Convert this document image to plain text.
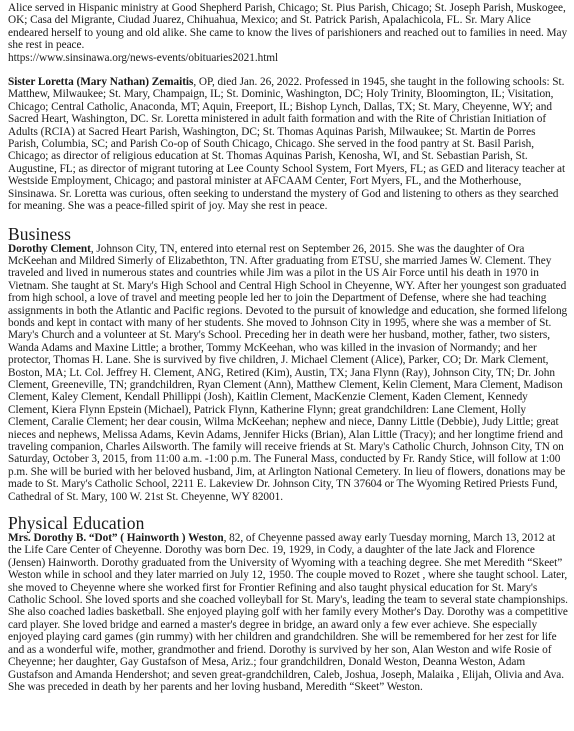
Alice served in Hispanic ministry at Good Shepherd Parish, Chicago; St. Pius Parish, Chicago; St. Joseph Parish, Muskogee, OK; Casa del Migrante, Ciudad Juarez, Chihuahua, Mexico; and St. Patrick Parish, Apalachicola, FL. Sr. Mary Alice endeared herself to young and old alike. She came to know the lives of parishioners and reached out to families in need. May she rest in peace.
https://www.sinsinawa.org/news-events/obituaries2021.html

Sister Loretta (Mary Nathan) Zemaitis, OP, died Jan. 26, 2022. Professed in 1945, she taught in the following schools: St. Matthew, Milwaukee; St. Mary, Champaign, IL; St. Dominic, Washington, DC; Holy Trinity, Bloomington, IL; Visitation, Chicago; Central Catholic, Anaconda, MT; Aquin, Freeport, IL; Bishop Lynch, Dallas, TX; St. Mary, Cheyenne, WY; and Sacred Heart, Washington, DC. Sr. Loretta ministered in adult faith formation and with the Rite of Christian Initiation of Adults (RCIA) at Sacred Heart Parish, Washington, DC; St. Thomas Aquinas Parish, Milwaukee; St. Martin de Porres Parish, Columbia, SC; and Parish Co-op of South Chicago, Chicago. She served in the food pantry at St. Basil Parish, Chicago; as director of religious education at St. Thomas Aquinas Parish, Kenosha, WI, and St. Sebastian Parish, St. Augustine, FL; as director of migrant tutoring at Lee County School System, Fort Myers, FL; as GED and literacy teacher at Westside Employment, Chicago; and pastoral minister at AFCAAM Center, Fort Myers, FL, and the Motherhouse, Sinsinawa. Sr. Loretta was curious, often seeking to understand the mystery of God and listening to others as they searched for meaning. She was a peace-filled spirit of joy. May she rest in peace.

Business

Dorothy Clement, Johnson City, TN, entered into eternal rest on September 26, 2015. She was the daughter of Ora McKeehan and Mildred Simerly of Elizabethton, TN. After graduating from ETSU, she married James W. Clement. They traveled and lived in numerous states and countries while Jim was a pilot in the US Air Force until his death in 1970 in Vietnam. She taught at St. Mary's High School and Central High School in Cheyenne, WY. After her youngest son graduated from high school, a love of travel and meeting people led her to join the Department of Defense, where she had teaching assignments in both the Atlantic and Pacific regions. Devoted to the pursuit of knowledge and education, she formed lifelong bonds and kept in contact with many of her students. She moved to Johnson City in 1995, where she was a member of St. Mary's Church and a volunteer at St. Mary's School. Preceding her in death were her husband, mother, father, two sisters, Wanda Adams and Maxine Little; a brother, Tommy McKeehan, who was killed in the invasion of Normandy; and her protector, Thomas H. Lane. She is survived by five children, J. Michael Clement (Alice), Parker, CO; Dr. Mark Clement, Boston, MA; Lt. Col. Jeffrey H. Clement, ANG, Retired (Kim), Austin, TX; Jana Flynn (Ray), Johnson City, TN; Dr. John Clement, Greeneville, TN; grandchildren, Ryan Clement (Ann), Matthew Clement, Kelin Clement, Mara Clement, Madison Clement, Kaley Clement, Kendall Phillippi (Josh), Kaitlin Clement, MacKenzie Clement, Kaden Clement, Kennedy Clement, Kiera Flynn Epstein (Michael), Patrick Flynn, Katherine Flynn; great grandchildren: Lane Clement, Holly Clement, Caralie Clement; her dear cousin, Wilma McKeehan; nephew and niece, Danny Little (Debbie), Judy Little; great nieces and nephews, Melissa Adams, Kevin Adams, Jennifer Hicks (Brian), Alan Little (Tracy); and her longtime friend and traveling companion, Charles Ailsworth. The family will receive friends at St. Mary's Catholic Church, Johnson City, TN on Saturday, October 3, 2015, from 11:00 a.m. -1:00 p.m. The Funeral Mass, conducted by Fr. Randy Stice, will follow at 1:00 p.m. She will be buried with her beloved husband, Jim, at Arlington National Cemetery. In lieu of flowers, donations may be made to St. Mary's Catholic School, 2211 E. Lakeview Dr. Johnson City, TN 37604 or The Wyoming Retired Priests Fund, Cathedral of St. Mary, 100 W. 21st St. Cheyenne, WY 82001.

Physical Education

Mrs. Dorothy B. “Dot” ( Hainworth ) Weston, 82, of Cheyenne passed away early Tuesday morning, March 13, 2012 at the Life Care Center of Cheyenne. Dorothy was born Dec. 19, 1929, in Cody, a daughter of the late Jack and Florence (Jensen) Hainworth. Dorothy graduated from the University of Wyoming with a teaching degree. She met Meredith “Skeet” Weston while in school and they later married on July 12, 1950. The couple moved to Rozet , where she taught school. Later, she moved to Cheyenne where she worked first for Frontier Refining and also taught physical education for St. Mary's Catholic School. She loved sports and she coached volleyball for St. Mary's, leading the team to several state championships. She also coached ladies basketball. She enjoyed playing golf with her family every Mother's Day. Dorothy was a competitive card player. She loved bridge and earned a master's degree in bridge, an award only a few ever achieve. She especially enjoyed playing card games (gin rummy) with her children and grandchildren. She will be remembered for her zest for life and as a wonderful wife, mother, grandmother and friend. Dorothy is survived by her son, Alan Weston and wife Rosie of Cheyenne; her daughter, Gay Gustafson of Mesa, Ariz.; four grandchildren, Donald Weston, Deanna Weston, Adam Gustafson and Amanda Hendershot; and seven great-grandchildren, Caleb, Joshua, Joseph, Malaika , Elijah, Olivia and Ava. She was preceded in death by her parents and her loving husband, Meredith “Skeet” Weston.
